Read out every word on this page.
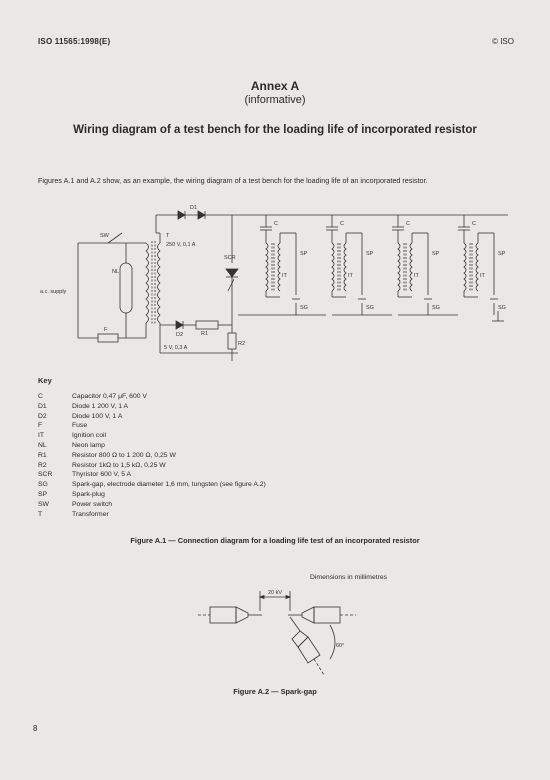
ISO 11565:1998(E)	© ISO
Annex A
(informative)
Wiring diagram of a test bench for the loading life of incorporated resistor
Figures A.1 and A.2 show, as an example, the wiring diagram of a test bench for the loading life of an incorporated resistor.
D1
SW	T
250 V, 0,1 A
SCR
NL
a.c. supply
F
D2	R1
R2
5 V, 0,3 A
C	C	C	C
SP	SP	SP	SP
IT	IT	IT	IT
SG	SG	SG	SG
Key
C	Capacitor 0,47 μF, 600 V
D1	Diode 1 200 V, 1 A
D2	Diode 100 V, 1 A
F	Fuse
IT	Ignition coil
NL	Neon lamp
R1	Resistor 800 Ω to 1 200 Ω, 0,25 W
R2	Resistor 1kΩ to 1,5 kΩ, 0,25 W
SCR	Thyristor 600 V, 5 A
SG	Spark-gap, electrode diameter 1,6 mm, tungsten (see figure A.2)
SP	Spark-plug
SW	Power switch
T	Transformer
Figure A.1 — Connection diagram for a loading life test of an incorporated resistor
Dimensions in millimetres
20 kV
60°
Figure A.2 — Spark-gap
8
